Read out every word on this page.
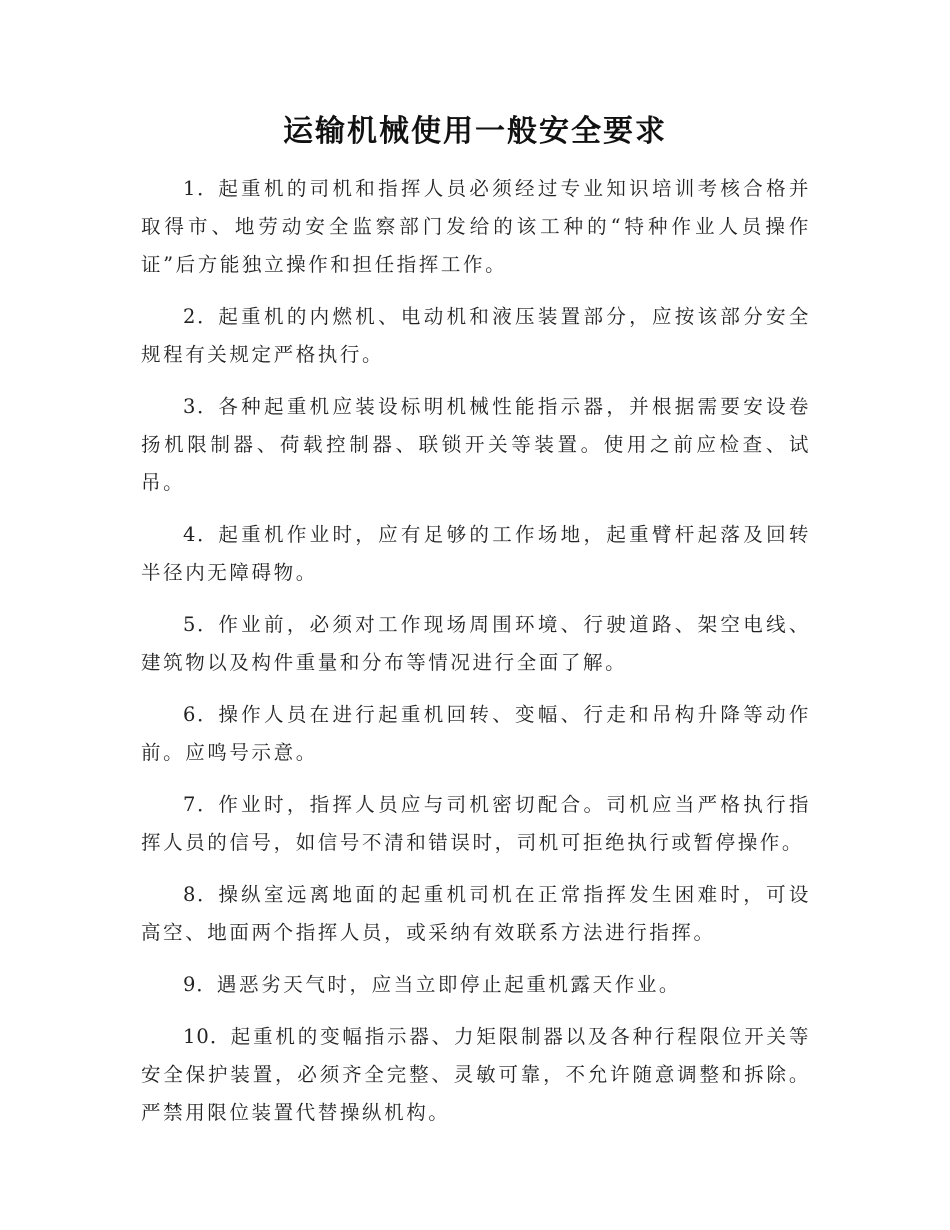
运输机械使用一般安全要求

1．起重机的司机和指挥人员必须经过专业知识培训考核合格并取得市、地劳动安全监察部门发给的该工种的“特种作业人员操作证”后方能独立操作和担任指挥工作。

2．起重机的内燃机、电动机和液压装置部分，应按该部分安全规程有关规定严格执行。

3．各种起重机应装设标明机械性能指示器，并根据需要安设卷扬机限制器、荷载控制器、联锁开关等装置。使用之前应检查、试吊。

4．起重机作业时，应有足够的工作场地，起重臂杆起落及回转半径内无障碍物。

5．作业前，必须对工作现场周围环境、行驶道路、架空电线、建筑物以及构件重量和分布等情况进行全面了解。

6．操作人员在进行起重机回转、变幅、行走和吊构升降等动作前。应鸣号示意。

7．作业时，指挥人员应与司机密切配合。司机应当严格执行指挥人员的信号，如信号不清和错误时，司机可拒绝执行或暂停操作。

8．操纵室远离地面的起重机司机在正常指挥发生困难时，可设高空、地面两个指挥人员，或采纳有效联系方法进行指挥。

9．遇恶劣天气时，应当立即停止起重机露天作业。

10．起重机的变幅指示器、力矩限制器以及各种行程限位开关等安全保护装置，必须齐全完整、灵敏可靠，不允许随意调整和拆除。严禁用限位装置代替操纵机构。
